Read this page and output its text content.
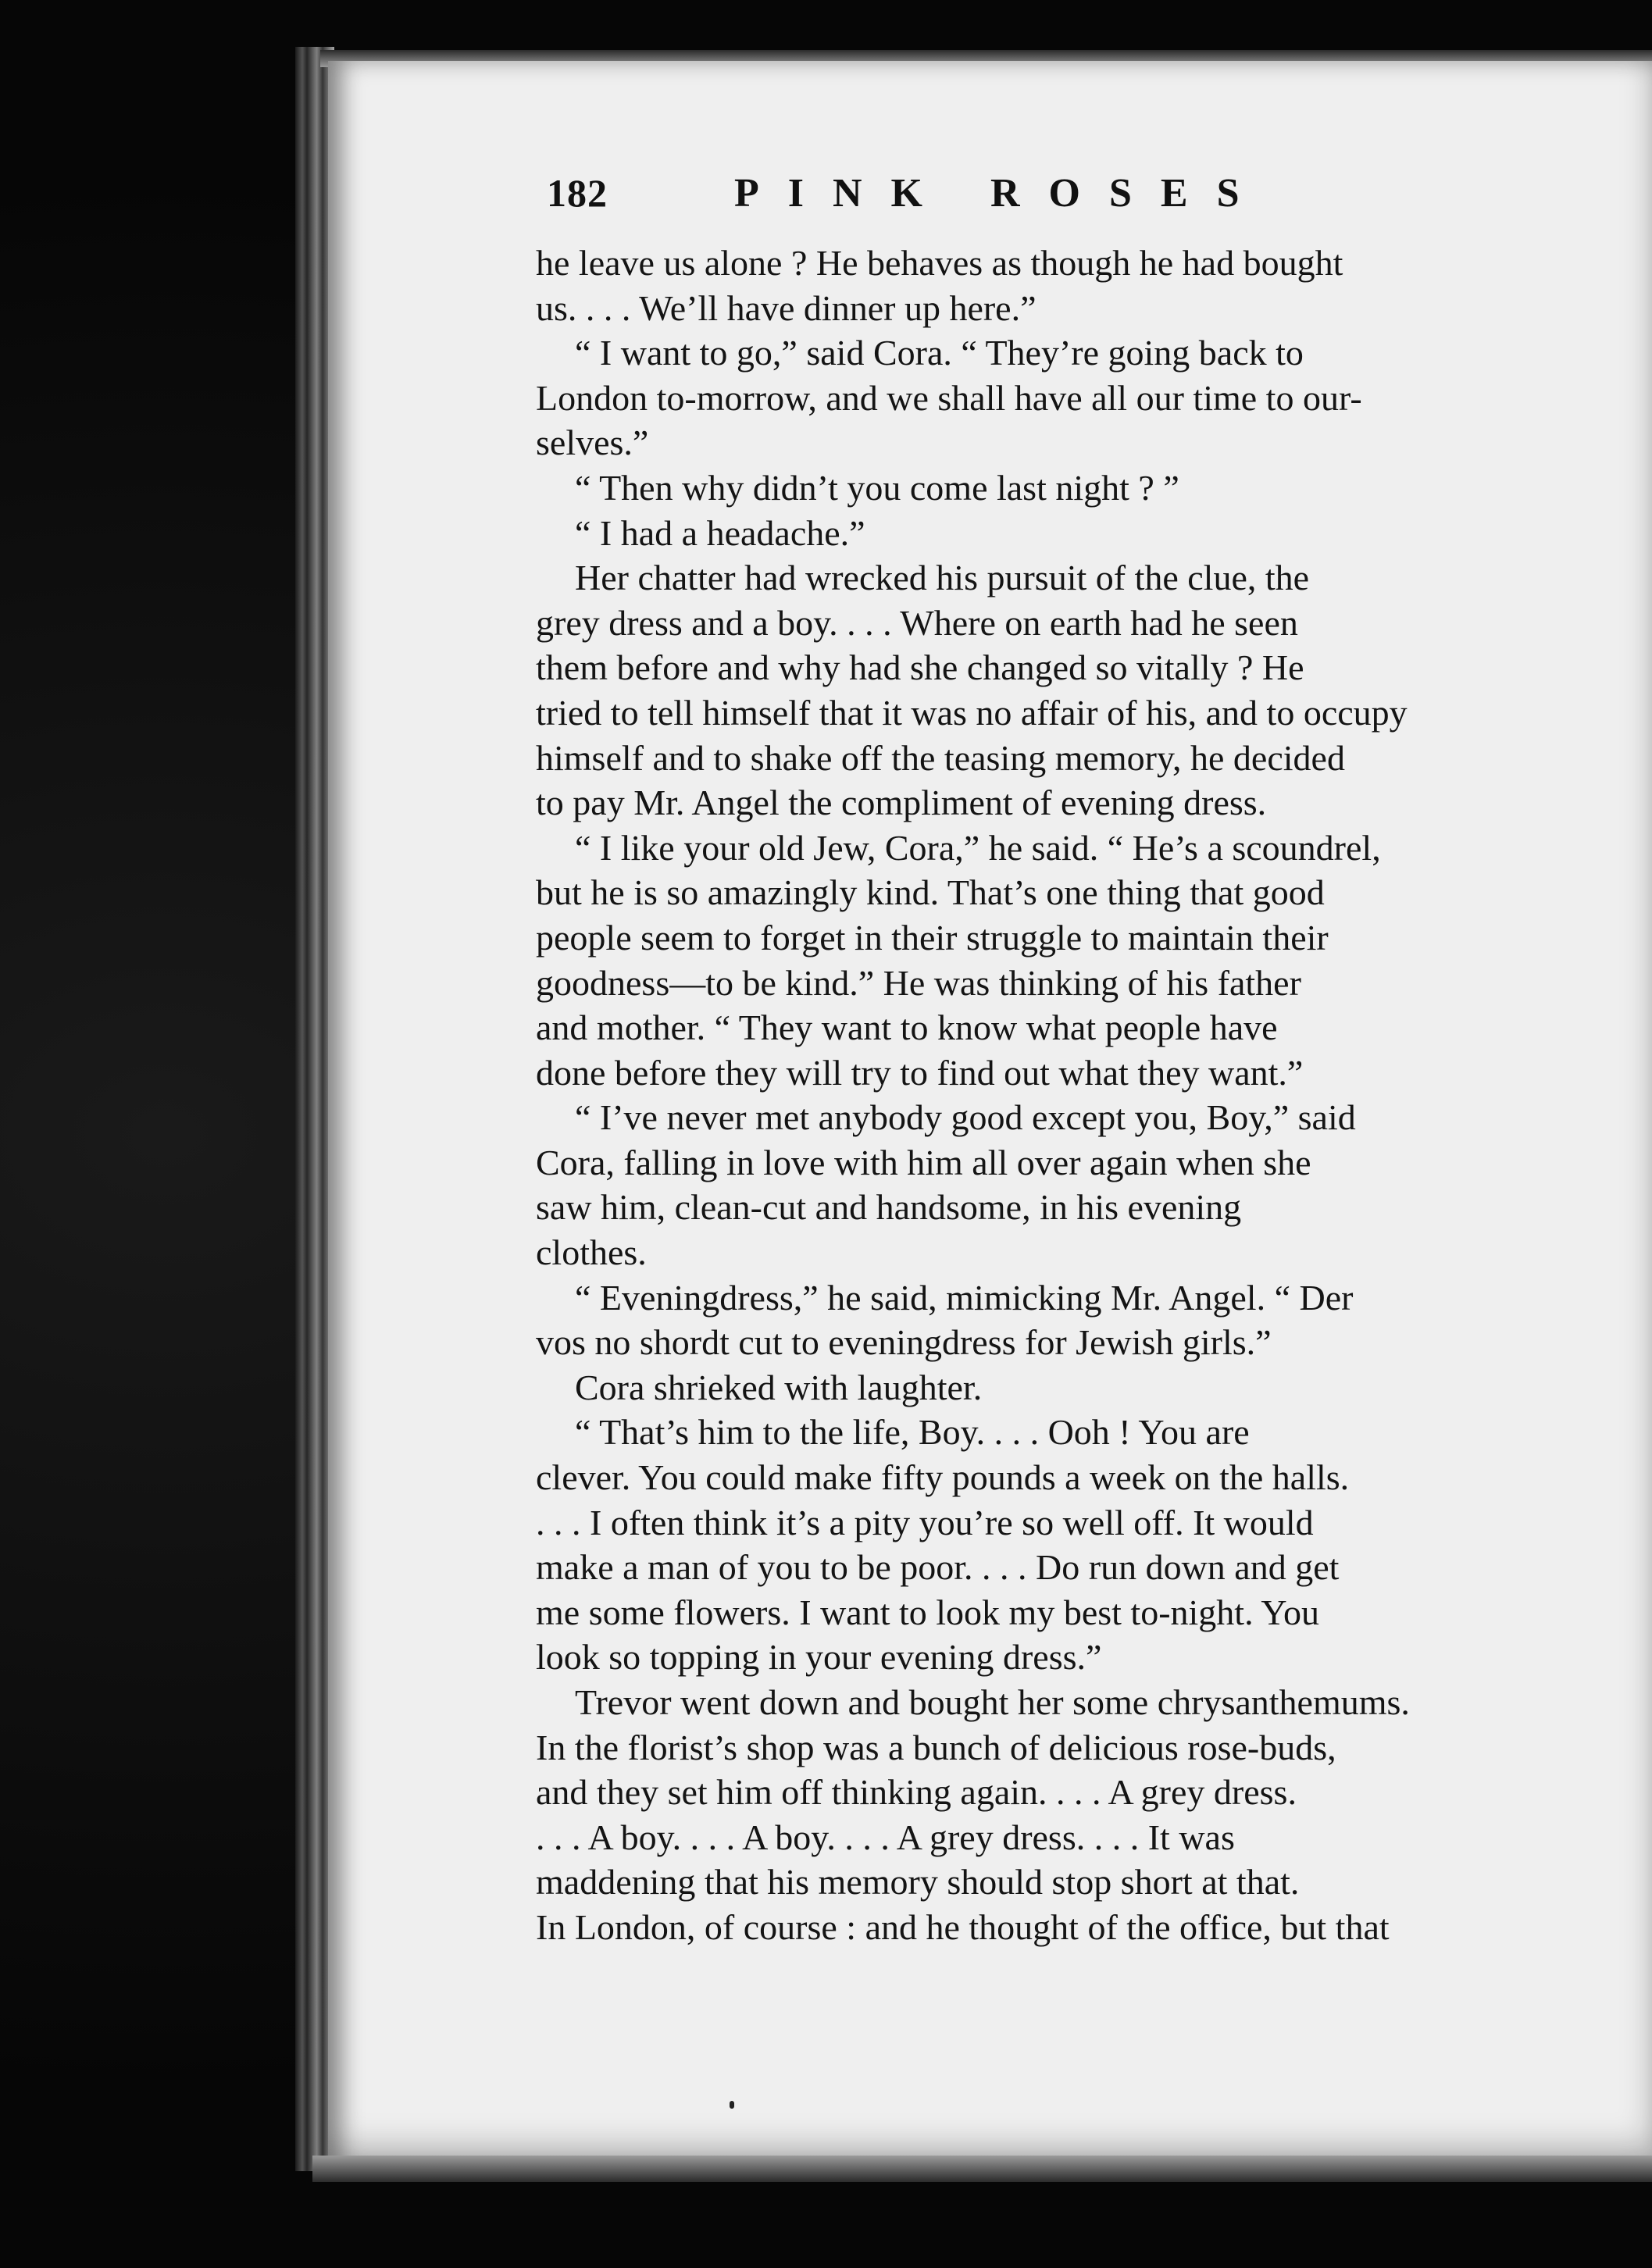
182	PINK ROSES
he leave us alone ? He behaves as though he had bought
us. . . . We’ll have dinner up here.”
“ I want to go,” said Cora. “ They’re going back to
London to-morrow, and we shall have all our time to our-
selves.”
“ Then why didn’t you come last night ? ”
“ I had a headache.”
Her chatter had wrecked his pursuit of the clue, the
grey dress and a boy. . . . Where on earth had he seen
them before and why had she changed so vitally ? He
tried to tell himself that it was no affair of his, and to occupy
himself and to shake off the teasing memory, he decided
to pay Mr. Angel the compliment of evening dress.
“ I like your old Jew, Cora,” he said. “ He’s a scoundrel,
but he is so amazingly kind. That’s one thing that good
people seem to forget in their struggle to maintain their
goodness—to be kind.” He was thinking of his father
and mother. “ They want to know what people have
done before they will try to find out what they want.”
“ I’ve never met anybody good except you, Boy,” said
Cora, falling in love with him all over again when she
saw him, clean-cut and handsome, in his evening
clothes.
“ Eveningdress,” he said, mimicking Mr. Angel. “ Der
vos no shordt cut to eveningdress for Jewish girls.”
Cora shrieked with laughter.
“ That’s him to the life, Boy. . . . Ooh ! You are
clever. You could make fifty pounds a week on the halls.
. . . I often think it’s a pity you’re so well off. It would
make a man of you to be poor. . . . Do run down and get
me some flowers. I want to look my best to-night. You
look so topping in your evening dress.”
Trevor went down and bought her some chrysanthemums.
In the florist’s shop was a bunch of delicious rose-buds,
and they set him off thinking again. . . . A grey dress.
. . . A boy. . . . A boy. . . . A grey dress. . . . It was
maddening that his memory should stop short at that.
In London, of course : and he thought of the office, but that
